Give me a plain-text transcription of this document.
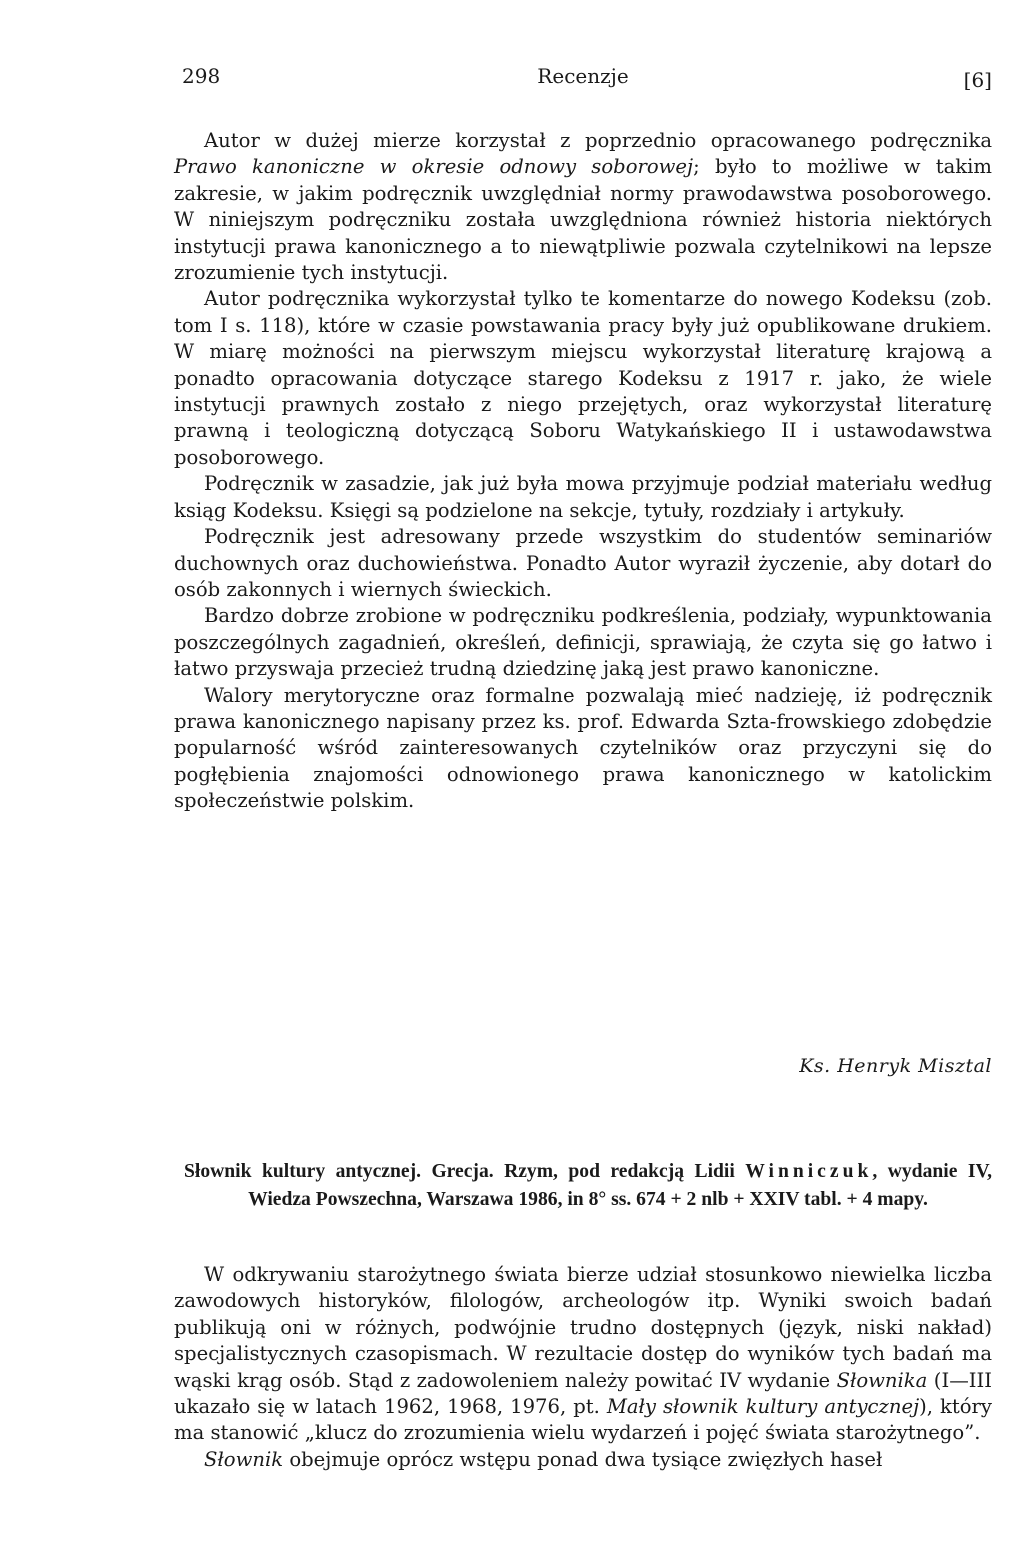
298	Recenzje	[6]

Autor w dużej mierze korzystał z poprzednio opracowanego podręcznika Prawo kanoniczne w okresie odnowy soborowej; było to możliwe w takim zakresie, w jakim podręcznik uwzględniał normy prawodawstwa posoborowego. W niniejszym podręczniku została uwzględniona również historia niektórych instytucji prawa kanonicznego a to niewątpliwie pozwala czytelnikowi na lepsze zrozumienie tych instytucji.

Autor podręcznika wykorzystał tylko te komentarze do nowego Kodeksu (zob. tom I s. 118), które w czasie powstawania pracy były już opublikowane drukiem. W miarę możności na pierwszym miejscu wykorzystał literaturę krajową a ponadto opracowania dotyczące starego Kodeksu z 1917 r. jako, że wiele instytucji prawnych zostało z niego przejętych, oraz wykorzystał literaturę prawną i teologiczną dotyczącą Soboru Watykańskiego II i ustawodawstwa posoborowego.

Podręcznik w zasadzie, jak już była mowa przyjmuje podział materiału według ksiąg Kodeksu. Księgi są podzielone na sekcje, tytuły, rozdziały i artykuły.

Podręcznik jest adresowany przede wszystkim do studentów seminariów duchownych oraz duchowieństwa. Ponadto Autor wyraził życzenie, aby dotarł do osób zakonnych i wiernych świeckich.

Bardzo dobrze zrobione w podręczniku podkreślenia, podziały, wypunktowania poszczególnych zagadnień, określeń, definicji, sprawiają, że czyta się go łatwo i łatwo przyswaja przecież trudną dziedzinę jaką jest prawo kanoniczne.

Walory merytoryczne oraz formalne pozwalają mieć nadzieję, iż podręcznik prawa kanonicznego napisany przez ks. prof. Edwarda Szta-frowskiego zdobędzie popularność wśród zainteresowanych czytelników oraz przyczyni się do pogłębienia znajomości odnowionego prawa kanonicznego w katolickim społeczeństwie polskim.

Ks. Henryk Misztal
Słownik kultury antycznej. Grecja. Rzym, pod redakcją Lidii Winniczuk, wydanie IV, Wiedza Powszechna, Warszawa 1986, in 8° ss. 674 + 2 nlb + XXIV tabl. + 4 mapy.

W odkrywaniu starożytnego świata bierze udział stosunkowo niewielka liczba zawodowych historyków, filologów, archeologów itp. Wyniki swoich badań publikują oni w różnych, podwójnie trudno dostępnych (język, niski nakład) specjalistycznych czasopismach. W rezultacie dostęp do wyników tych badań ma wąski krąg osób. Stąd z zadowoleniem należy powitać IV wydanie Słownika (I—III ukazało się w latach 1962, 1968, 1976, pt. Mały słownik kultury antycznej), który ma stanowić „klucz do zrozumienia wielu wydarzeń i pojęć świata starożytnego”.

Słownik obejmuje oprócz wstępu ponad dwa tysiące zwięzłych haseł
